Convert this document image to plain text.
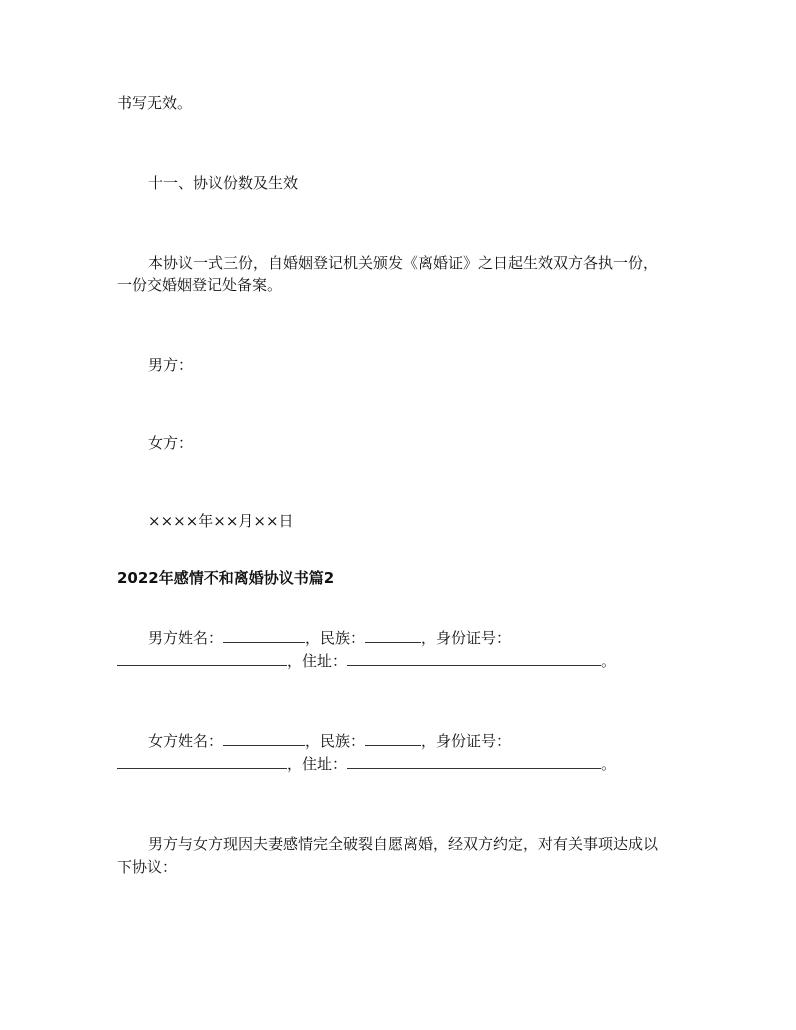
书写无效。
十一、协议份数及生效
本协议一式三份，自婚姻登记机关颁发《离婚证》之日起生效双方各执一份，
一份交婚姻登记处备案。
男方：
女方：
××××年××月××日
2022年感情不和离婚协议书篇2
男方姓名：	，民族：	，身份证号：
，住址：	。
女方姓名：	，民族：	，身份证号：
，住址：	。
男方与女方现因夫妻感情完全破裂自愿离婚，经双方约定，对有关事项达成以
下协议：
